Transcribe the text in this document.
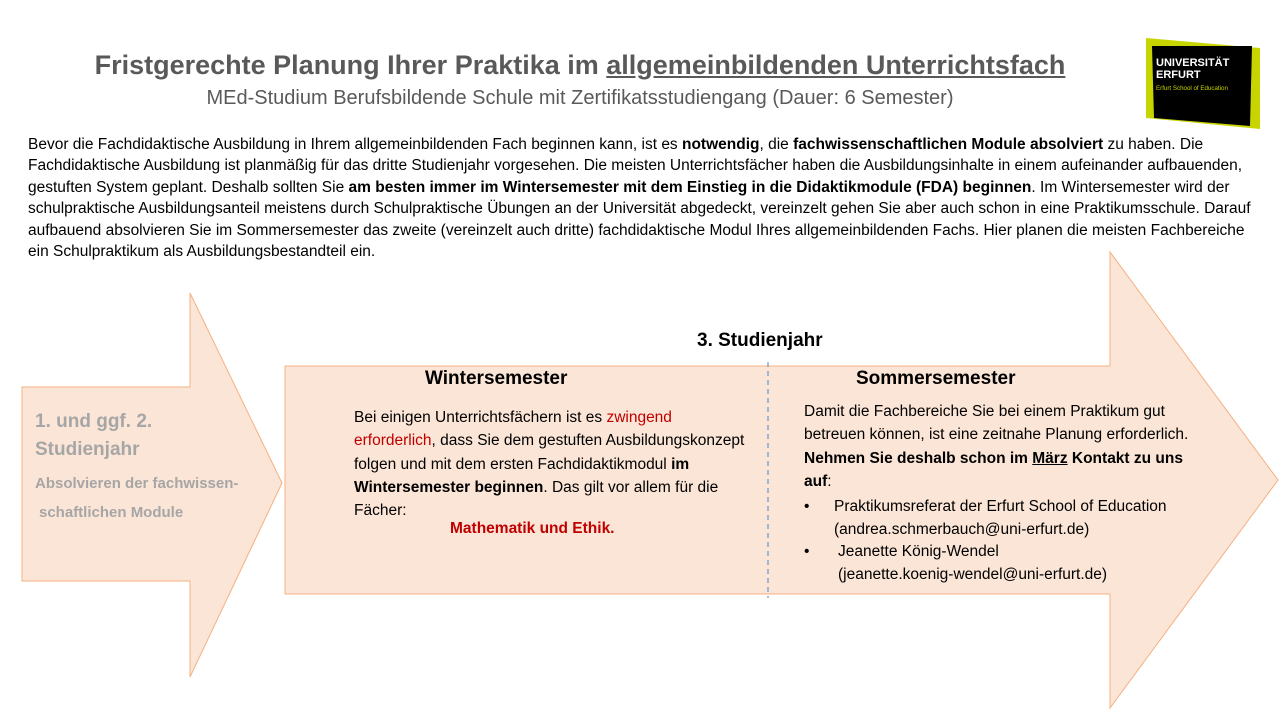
Fristgerechte Planung Ihrer Praktika im allgemeinbildenden Unterrichtsfach
MEd-Studium Berufsbildende Schule mit Zertifikatsstudiengang (Dauer: 6 Semester)
UNIVERSITÄT
ERFURT
Erfurt School of Education
Bevor die Fachdidaktische Ausbildung in Ihrem allgemeinbildenden Fach beginnen kann, ist es notwendig, die fachwissenschaftlichen Module absolviert zu haben. Die Fachdidaktische Ausbildung ist planmäßig für das dritte Studienjahr vorgesehen. Die meisten Unterrichtsfächer haben die Ausbildungsinhalte in einem aufeinander aufbauenden, gestuften System geplant. Deshalb sollten Sie am besten immer im Wintersemester mit dem Einstieg in die Didaktikmodule (FDA) beginnen. Im Wintersemester wird der schulpraktische Ausbildungsanteil meistens durch Schulpraktische Übungen an der Universität abgedeckt, vereinzelt gehen Sie aber auch schon in eine Praktikumsschule. Darauf aufbauend absolvieren Sie im Sommersemester das zweite (vereinzelt auch dritte) fachdidaktische Modul Ihres allgemeinbildenden Fachs. Hier planen die meisten Fachbereiche ein Schulpraktikum als Ausbildungsbestandteil ein.
3. Studienjahr
Wintersemester	Sommersemester
1. und ggf. 2.
Studienjahr
Absolvieren der fachwissen-
schaftlichen Module
Bei einigen Unterrichtsfächern ist es zwingend erforderlich, dass Sie dem gestuften Ausbildungskonzept folgen und mit dem ersten Fachdidaktikmodul im Wintersemester beginnen. Das gilt vor allem für die Fächer:
Mathematik und Ethik.
Damit die Fachbereiche Sie bei einem Praktikum gut betreuen können, ist eine zeitnahe Planung erforderlich. Nehmen Sie deshalb schon im März Kontakt zu uns auf:
• Praktikumsreferat der Erfurt School of Education
(andrea.schmerbauch@uni-erfurt.de)
• Jeanette König-Wendel
(jeanette.koenig-wendel@uni-erfurt.de)
